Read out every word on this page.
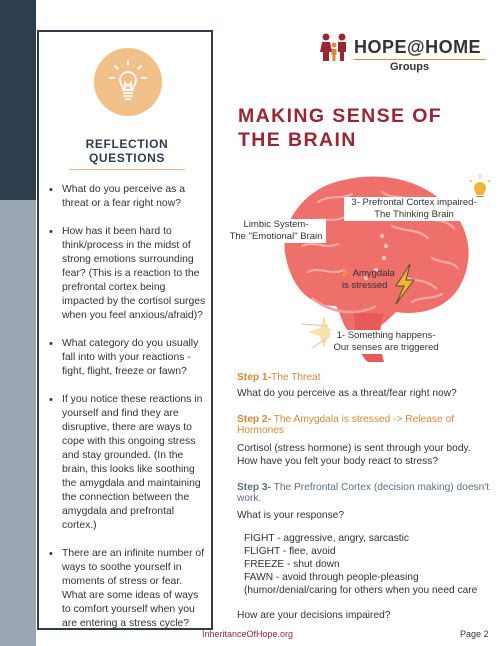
REFLECTION QUESTIONS
• What do you perceive as a threat or a fear right now?
• How has it been hard to think/process in the midst of strong emotions surrounding fear? (This is a reaction to the prefrontal cortex being impacted by the cortisol surges when you feel anxious/afraid)?
• What category do you usually fall into with your reactions - fight, flight, freeze or fawn?
• If you notice these reactions in yourself and find they are disruptive, there are ways to cope with this ongoing stress and stay grounded. (In the brain, this looks like soothing the amygdala and maintaining the connection between the amygdala and prefrontal cortex.)
• There are an infinite number of ways to soothe yourself in moments of stress or fear. What are some ideas of ways to comfort yourself when you are entering a stress cycle?
HOPE@HOME
Groups
MAKING SENSE OF THE BRAIN
3- Prefrontal Cortex impaired-
The Thinking Brain
Limbic System-
The "Emotional" Brain
2- Amygdala
is stressed
1- Something happens-
Our senses are triggered
Step 1-The Threat
What do you perceive as a threat/fear right now?
Step 2- The Amygdala is stressed -> Release of Hormones
Cortisol (stress hormone) is sent through your body. How have you felt your body react to stress?
Step 3- The Prefrontal Cortex (decision making) doesn't work.
What is your response?
FIGHT - aggressive, angry, sarcastic
FLIGHT - flee, avoid
FREEZE - shut down
FAWN - avoid through people-pleasing (humor/denial/caring for others when you need care
How are your decisions impaired?
InheritanceOfHope.org	Page 2
